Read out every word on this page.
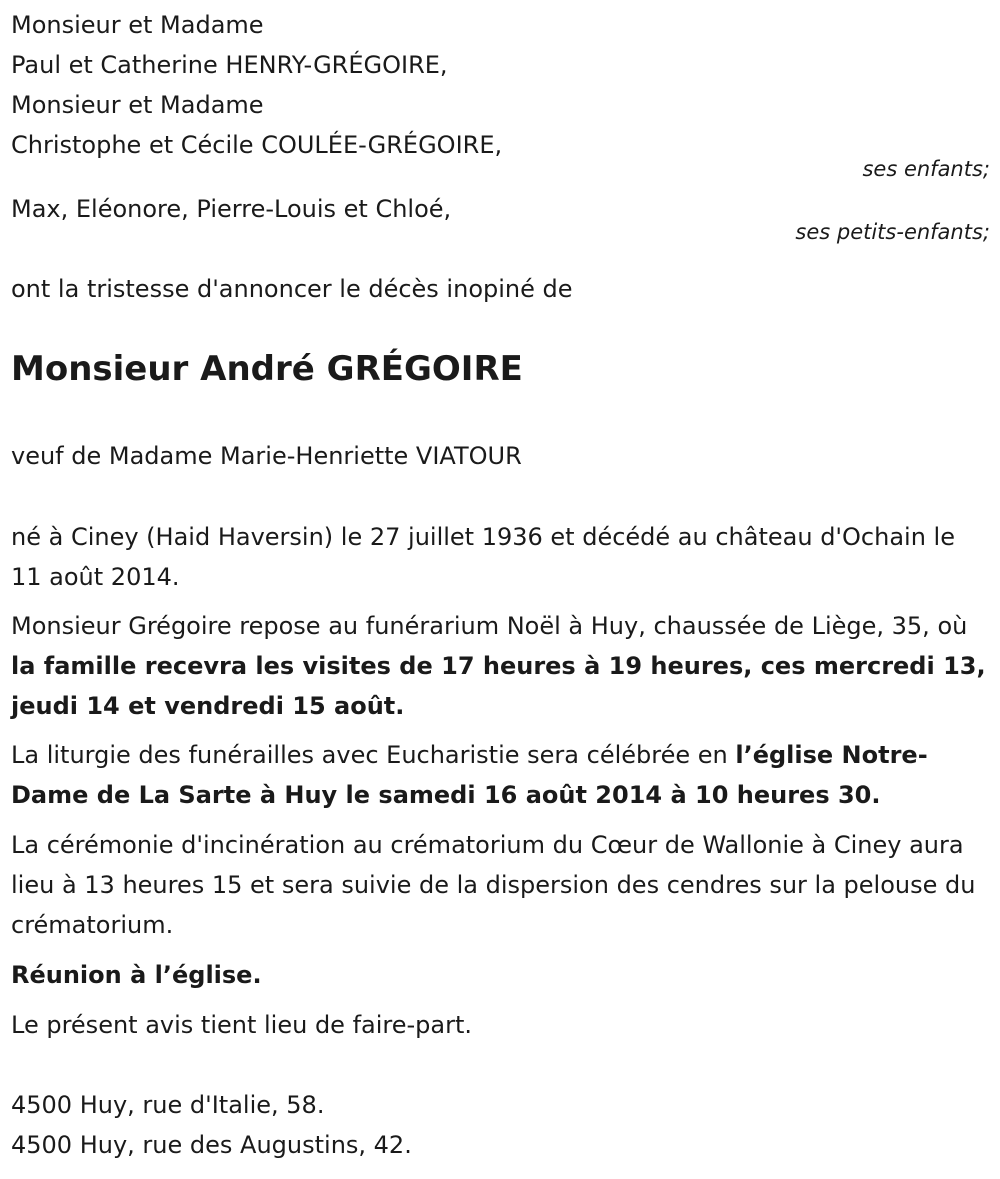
Monsieur et Madame
Paul et Catherine HENRY-GRÉGOIRE,
Monsieur et Madame
Christophe et Cécile COULÉE-GRÉGOIRE,
ses enfants;
Max, Eléonore, Pierre-Louis et Chloé,
ses petits-enfants;
ont la tristesse d'annoncer le décès inopiné de
Monsieur André GRÉGOIRE
veuf de Madame Marie-Henriette VIATOUR
né à Ciney (Haid Haversin) le 27 juillet 1936 et décédé au château d'Ochain le 11 août 2014.
Monsieur Grégoire repose au funérarium Noël à Huy, chaussée de Liège, 35, où la famille recevra les visites de 17 heures à 19 heures, ces mercredi 13, jeudi 14 et vendredi 15 août.
La liturgie des funérailles avec Eucharistie sera célébrée en l’église Notre-Dame de La Sarte à Huy le samedi 16 août 2014 à 10 heures 30.
La cérémonie d'incinération au crématorium du Cœur de Wallonie à Ciney aura lieu à 13 heures 15 et sera suivie de la dispersion des cendres sur la pelouse du crématorium.
Réunion à l’église.
Le présent avis tient lieu de faire-part.
4500 Huy, rue d'Italie, 58.
4500 Huy, rue des Augustins, 42.
